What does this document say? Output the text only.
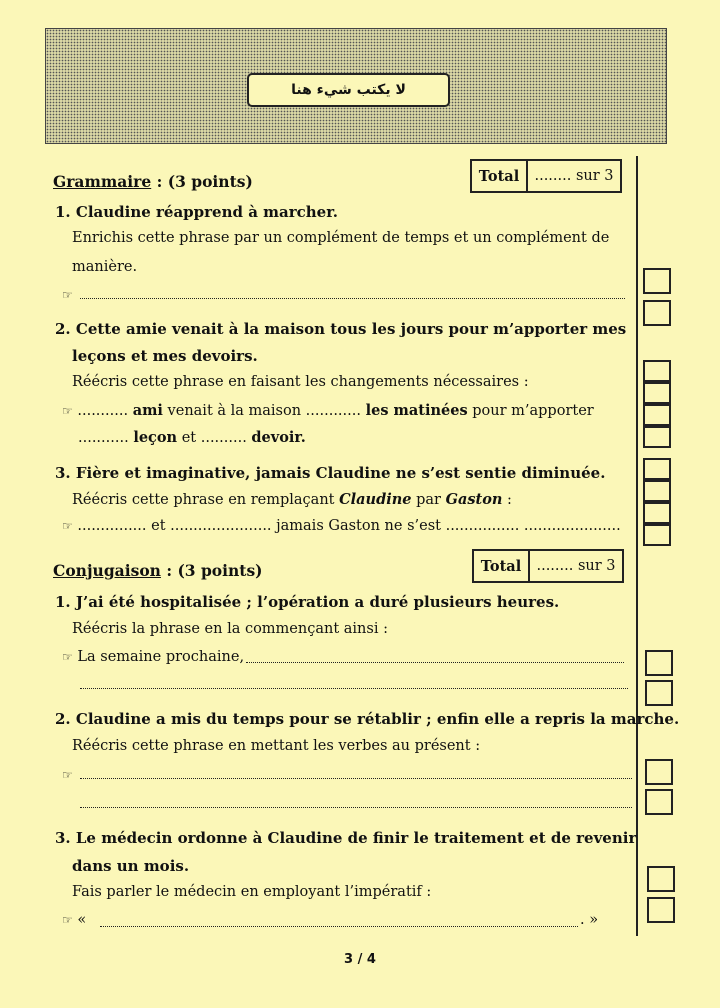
لا يكتب شيء هنا
Grammaire : (3 points)	Total	........ sur 3
1. Claudine réapprend à marcher.
Enrichis cette phrase par un complément de temps et un complément de
manière.
☞
2. Cette amie venait à la maison tous les jours pour m’apporter mes
leçons et mes devoirs.
Réécris cette phrase en faisant les changements nécessaires :
☞ ........... ami venait à la maison ............ les matinées pour m’apporter
........... leçon et .......... devoir.
3. Fière et imaginative, jamais Claudine ne s’est sentie diminuée.
Réécris cette phrase en remplaçant Claudine par Gaston :
☞ ............... et ...................... jamais Gaston ne s’est ................ .....................
Conjugaison : (3 points)	Total	........ sur 3
1. J’ai été hospitalisée ; l’opération a duré plusieurs heures.
Réécris la phrase en la commençant ainsi :
☞ La semaine prochaine,
2. Claudine a mis du temps pour se rétablir ; enfin elle a repris la marche.
Réécris cette phrase en mettant les verbes au présent :
☞
3. Le médecin ordonne à Claudine de finir le traitement et de revenir
dans un mois.
Fais parler le médecin en employant l’impératif :
☞ «	. »
3 / 4
